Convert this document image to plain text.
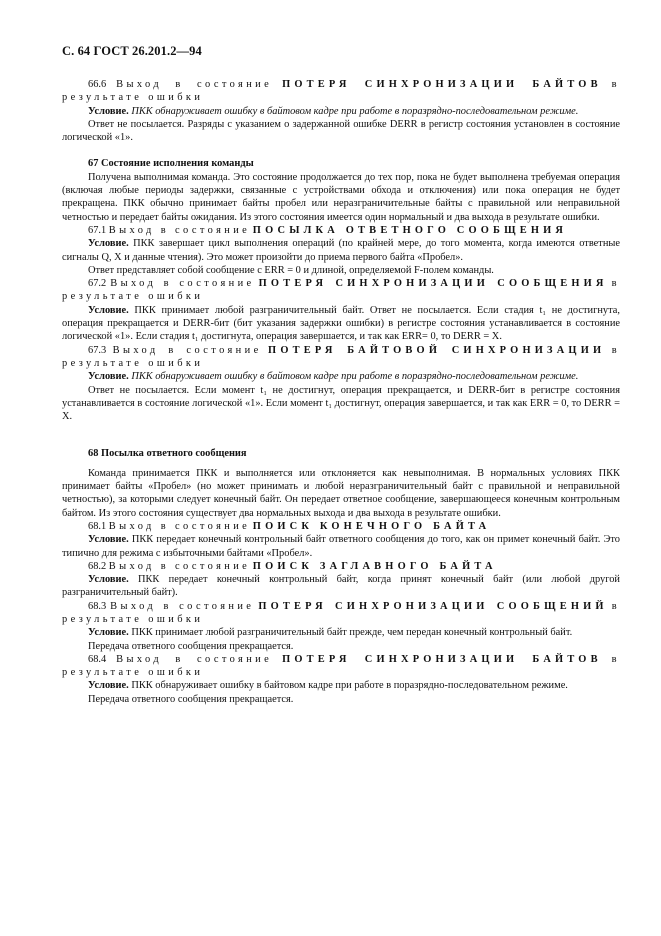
С. 64 ГОСТ 26.201.2—94

66.6 Выход в состояние ПОТЕРЯ СИНХРОНИЗАЦИИ БАЙТОВ в результате ошибки

Условие. ПКК обнаруживает ошибку в байтовом кадре при работе в поразрядно-последовательном режиме.

Ответ не посылается. Разряды с указанием о задержанной ошибке DERR в регистр состояния установлен в состояние логической «1».

67 Состояние исполнения команды

Получена выполнимая команда. Это состояние продолжается до тех пор, пока не будет выполнена требуемая операция (включая любые периоды задержки, связанные с устройствами обхода и отключения) или пока операция не будет прекращена. ПКК обычно принимает байты пробел или неразграничительные байты с правильной или неправильной четностью и передает байты ожидания. Из этого состояния имеется один нормальный и два выхода в результате ошибки.

67.1 Выход в состояние ПОСЫЛКА ОТВЕТНОГО СООБЩЕНИЯ

Условие. ПКК завершает цикл выполнения операций (по крайней мере, до того момента, когда имеются ответные сигналы Q, X и данные чтения). Это может произойти до приема первого байта «Пробел».

Ответ представляет собой сообщение с ERR = 0 и длиной, определяемой F-полем команды.

67.2 Выход в состояние ПОТЕРЯ СИНХРОНИЗАЦИИ СООБЩЕНИЯ в результате ошибки

Условие. ПКК принимает любой разграничительный байт. Ответ не посылается. Если стадия t₁ не достигнута, операция прекращается и DERR-бит (бит указания задержки ошибки) в регистре состояния устанавливается в состояние логической «1». Если стадия t₁ достигнута, операция завершается, и так как ERR= 0, то DERR = X.

67.3 Выход в состояние ПОТЕРЯ БАЙТОВОЙ СИНХРОНИЗАЦИИ в результате ошибки

Условие. ПКК обнаруживает ошибку в байтовом кадре при работе в поразрядно-последовательном режиме.

Ответ не посылается. Если момент t₁ не достигнут, операция прекращается, и DERR-бит в регистре состояния устанавливается в состояние логической «1». Если момент t₁ достигнут, операция завершается, и так как ERR = 0, то DERR = X.

68 Посылка ответного сообщения

Команда принимается ПКК и выполняется или отклоняется как невыполнимая. В нормальных условиях ПКК принимает байты «Пробел» (но может принимать и любой неразграничительный байт с правильной и неправильной четностью), за которыми следует конечный байт. Он передает ответное сообщение, завершающееся конечным контрольным байтом. Из этого состояния существует два нормальных выхода и два выхода в результате ошибки.

68.1 Выход в состояние ПОИСК КОНЕЧНОГО БАЙТА

Условие. ПКК передает конечный контрольный байт ответного сообщения до того, как он примет конечный байт. Это типично для режима с избыточными байтами «Пробел».

68.2 Выход в состояние ПОИСК ЗАГЛАВНОГО БАЙТА

Условие. ПКК передает конечный контрольный байт, когда принят конечный байт (или любой другой разграничительный байт).

68.3 Выход в состояние ПОТЕРЯ СИНХРОНИЗАЦИИ СООБЩЕНИЙ в результате ошибки

Условие. ПКК принимает любой разграничительный байт прежде, чем передан конечный контрольный байт.

Передача ответного сообщения прекращается.

68.4 Выход в состояние ПОТЕРЯ СИНХРОНИЗАЦИИ БАЙТОВ в результате ошибки

Условие. ПКК обнаруживает ошибку в байтовом кадре при работе в поразрядно-последовательном режиме.

Передача ответного сообщения прекращается.
